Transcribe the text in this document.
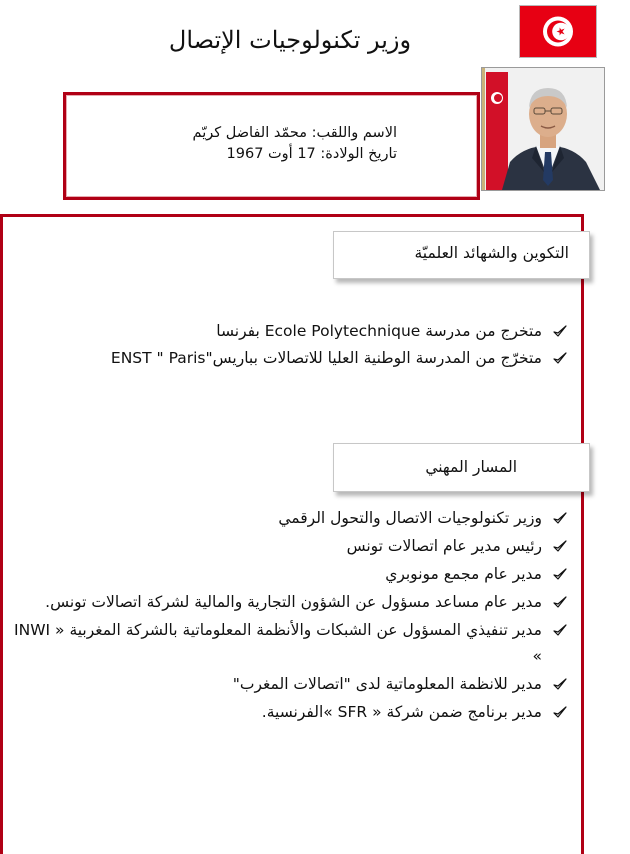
وزير تكنولوجيات الإتصال
الاسم واللقب: محمّد الفاضل كريّم
تاريخ الولادة: 17 أوت 1967
التكوين والشهائد العلميّة
متخرج من مدرسة Ecole Polytechnique بفرنسا
متخرّج من المدرسة الوطنية العليا للاتصالات بباريس"ENST " Paris
المسار المهني
وزير تكنولوجيات الاتصال والتحول الرقمي
رئيس مدير عام اتصالات تونس
مدير عام مجمع مونوبري
مدير عام مساعد مسؤول عن الشؤون التجارية والمالية لشركة اتصالات تونس.
مدير تنفيذي المسؤول عن الشبكات والأنظمة المعلوماتية بالشركة المغربية « INWI »
مدير للانظمة المعلوماتية لدى "اتصالات المغرب"
مدير برنامج ضمن شركة « SFR »الفرنسية.
